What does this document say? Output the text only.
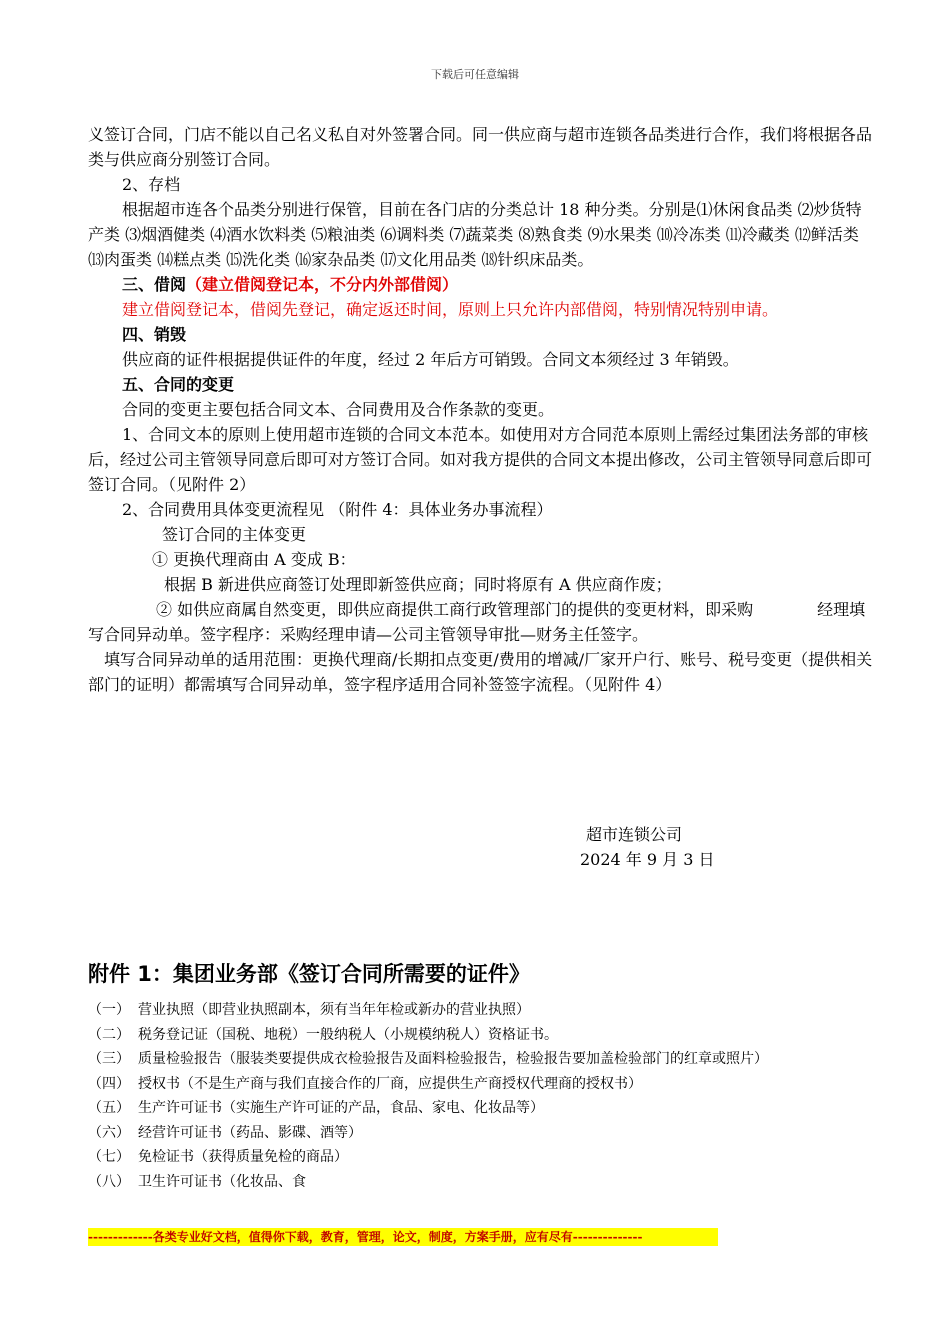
下载后可任意编辑

义签订合同，门店不能以自己名义私自对外签署合同。同一供应商与超市连锁各品类进行合作，我们将根据各品类与供应商分别签订合同。

2、存档

根据超市连各个品类分别进行保管，目前在各门店的分类总计 18 种分类。分别是⑴休闲食品类 ⑵炒货特产类 ⑶烟酒健类 ⑷酒水饮料类 ⑸粮油类 ⑹调料类 ⑺蔬菜类 ⑻熟食类 ⑼水果类 ⑽冷冻类 ⑾冷藏类 ⑿鲜活类 ⒀肉蛋类 ⒁糕点类 ⒂洗化类 ⒃家杂品类 ⒄文化用品类 ⒅针织床品类。

三、借阅（建立借阅登记本，不分内外部借阅）

建立借阅登记本，借阅先登记，确定返还时间，原则上只允许内部借阅，特别情况特别申请。

四、销毁

供应商的证件根据提供证件的年度，经过 2 年后方可销毁。合同文本须经过 3 年销毁。

五、合同的变更

合同的变更主要包括合同文本、合同费用及合作条款的变更。

1、合同文本的原则上使用超市连锁的合同文本范本。如使用对方合同范本原则上需经过集团法务部的审核后，经过公司主管领导同意后即可对方签订合同。如对我方提供的合同文本提出修改，公司主管领导同意后即可签订合同。（见附件 2）

2、合同费用具体变更流程见 （附件 4：具体业务办事流程）

签订合同的主体变更

① 更换代理商由 A 变成 B：

根据 B 新进供应商签订处理即新签供应商；同时将原有 A 供应商作废；

② 如供应商属自然变更，即供应商提供工商行政管理部门的提供的变更材料，即采购　　　　经理填写合同异动单。签字程序：采购经理申请—公司主管领导审批—财务主任签字。

填写合同异动单的适用范围：更换代理商/长期扣点变更/费用的增减/厂家开户行、账号、税号变更（提供相关部门的证明）都需填写合同异动单，签字程序适用合同补签签字流程。（见附件 4）

超市连锁公司
2024 年 9 月 3 日
附件 1：集团业务部《签订合同所需要的证件》
（一） 营业执照（即营业执照副本，须有当年年检或新办的营业执照）
（二） 税务登记证（国税、地税）一般纳税人（小规模纳税人）资格证书。
（三） 质量检验报告（服装类要提供成衣检验报告及面料检验报告，检验报告要加盖检验部门的红章或照片）
（四） 授权书（不是生产商与我们直接合作的厂商，应提供生产商授权代理商的授权书）
（五） 生产许可证书（实施生产许可证的产品，食品、家电、化妆品等）
（六） 经营许可证书（药品、影碟、酒等）
（七） 免检证书（获得质量免检的商品）
（八） 卫生许可证书（化妆品、食
-------------各类专业好文档，值得你下载，教育，管理，论文，制度，方案手册，应有尽有--------------
